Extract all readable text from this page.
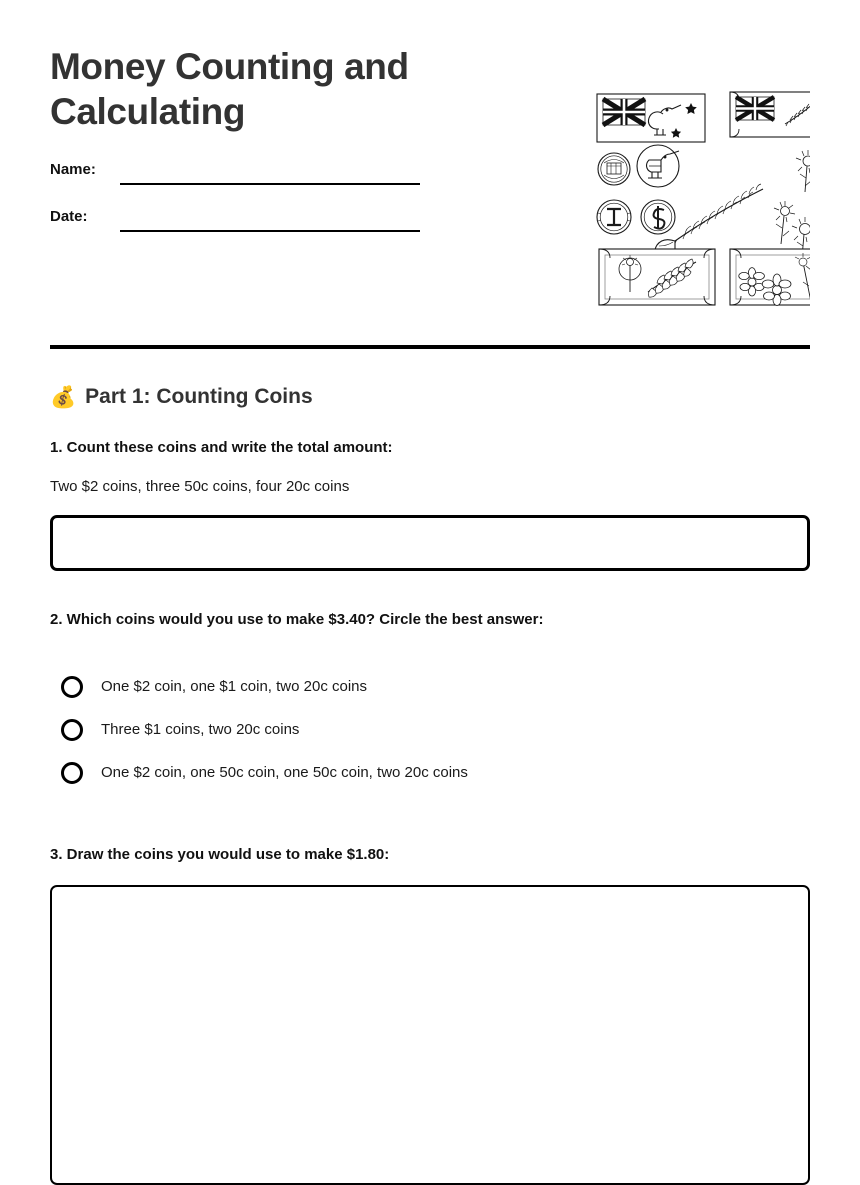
Money Counting and Calculating
Name:
Date:
💰 Part 1: Counting Coins

1. Count these coins and write the total amount:

Two $2 coins, three 50c coins, four 20c coins

2. Which coins would you use to make $3.40? Circle the best answer:

One $2 coin, one $1 coin, two 20c coins
Three $1 coins, two 20c coins
One $2 coin, one 50c coin, one 50c coin, two 20c coins

3. Draw the coins you would use to make $1.80:
